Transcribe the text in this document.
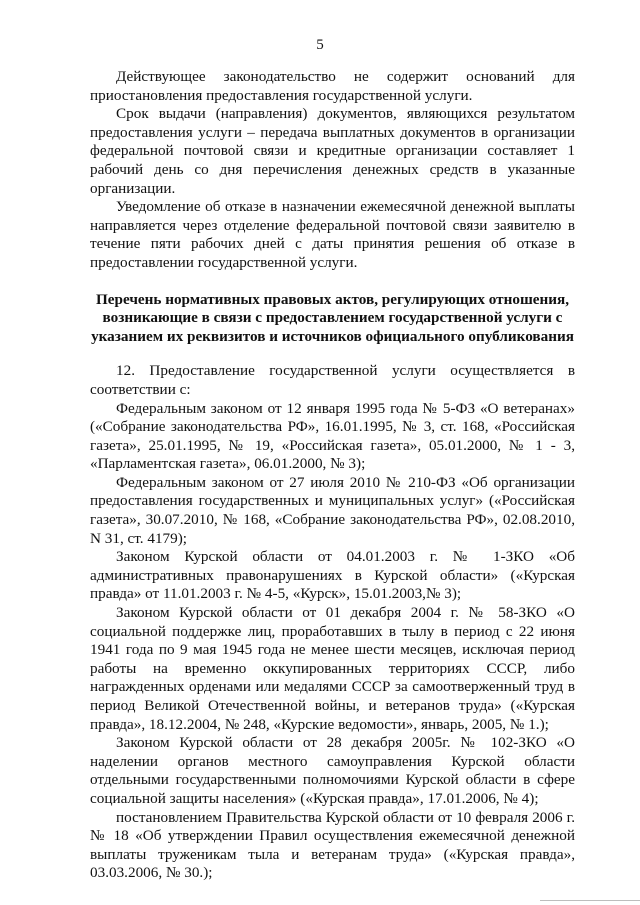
5

Действующее законодательство не содержит оснований для приостановления предоставления государственной услуги.

Срок выдачи (направления) документов, являющихся результатом предоставления услуги – передача выплатных документов в организации федеральной почтовой связи и кредитные организации составляет 1 рабочий день со дня перечисления денежных средств в указанные организации.

Уведомление об отказе в назначении ежемесячной денежной выплаты направляется через отделение федеральной почтовой связи заявителю в течение пяти рабочих дней с даты принятия решения об отказе в предоставлении государственной услуги.

Перечень нормативных правовых актов, регулирующих отношения,
возникающие в связи с предоставлением государственной услуги с
указанием их реквизитов и источников официального опубликования

12. Предоставление государственной услуги осуществляется в соответствии с:

Федеральным законом от 12 января 1995 года № 5-ФЗ «О ветеранах» («Собрание законодательства РФ», 16.01.1995, № 3, ст. 168, «Российская газета», 25.01.1995, № 19, «Российская газета», 05.01.2000, № 1 - 3, «Парламентская газета», 06.01.2000, № 3);

Федеральным законом от 27 июля 2010 № 210-ФЗ «Об организации предоставления государственных и муниципальных услуг» («Российская газета», 30.07.2010, № 168, «Собрание законодательства РФ», 02.08.2010, N 31, ст. 4179);

Законом Курской области от 04.01.2003 г. № 1-ЗКО «Об административных правонарушениях в Курской области» («Курская правда» от 11.01.2003 г. № 4-5, «Курск», 15.01.2003,№ 3);

Законом Курской области от 01 декабря 2004 г. № 58-ЗКО «О социальной поддержке лиц, проработавших в тылу в период с 22 июня 1941 года по 9 мая 1945 года не менее шести месяцев, исключая период работы на временно оккупированных территориях СССР, либо награжденных орденами или медалями СССР за самоотверженный труд в период Великой Отечественной войны, и ветеранов труда» («Курская правда», 18.12.2004, № 248, «Курские ведомости», январь, 2005, № 1.);

Законом Курской области от 28 декабря 2005г. № 102-ЗКО «О наделении органов местного самоуправления Курской области отдельными государственными полномочиями Курской области в сфере социальной защиты населения» («Курская правда», 17.01.2006, № 4);

постановлением Правительства Курской области от 10 февраля 2006 г. № 18 «Об утверждении Правил осуществления ежемесячной денежной выплаты труженикам тыла и ветеранам труда» («Курская правда», 03.03.2006, № 30.);
